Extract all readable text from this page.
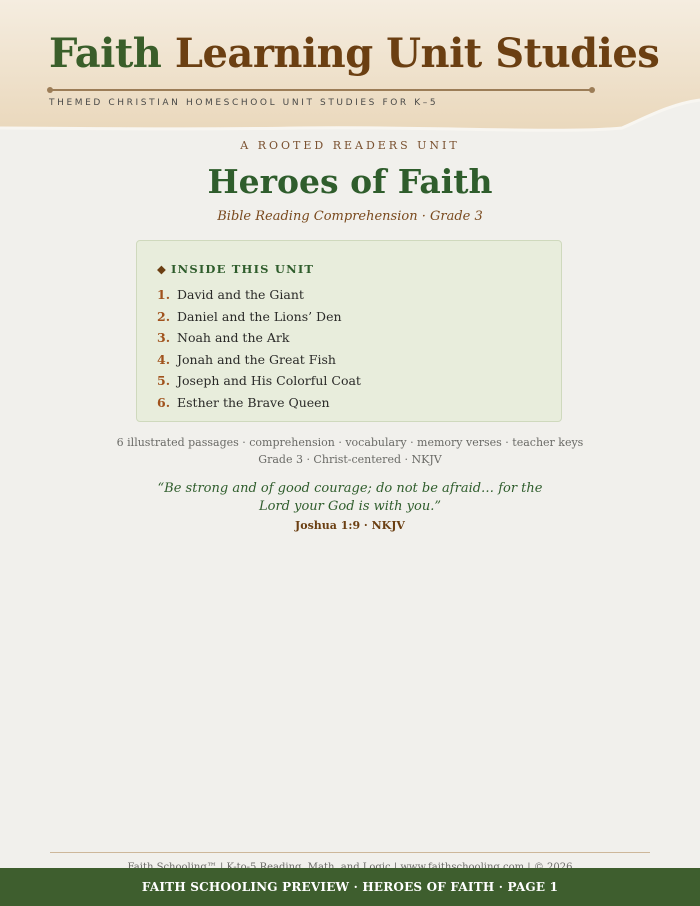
Faith Learning Unit Studies
THEMED CHRISTIAN HOMESCHOOL UNIT STUDIES FOR K–5
A ROOTED READERS UNIT
Heroes of Faith
Bible Reading Comprehension · Grade 3
◆ INSIDE THIS UNIT
1. David and the Giant
2. Daniel and the Lions’ Den
3. Noah and the Ark
4. Jonah and the Great Fish
5. Joseph and His Colorful Coat
6. Esther the Brave Queen
6 illustrated passages · comprehension · vocabulary · memory verses · teacher keys
Grade 3 · Christ-centered · NKJV
“Be strong and of good courage; do not be afraid… for the Lord your God is with you.”
Joshua 1:9 · NKJV
FAITH SCHOOLING PREVIEW · HEROES OF FAITH · PAGE 1
